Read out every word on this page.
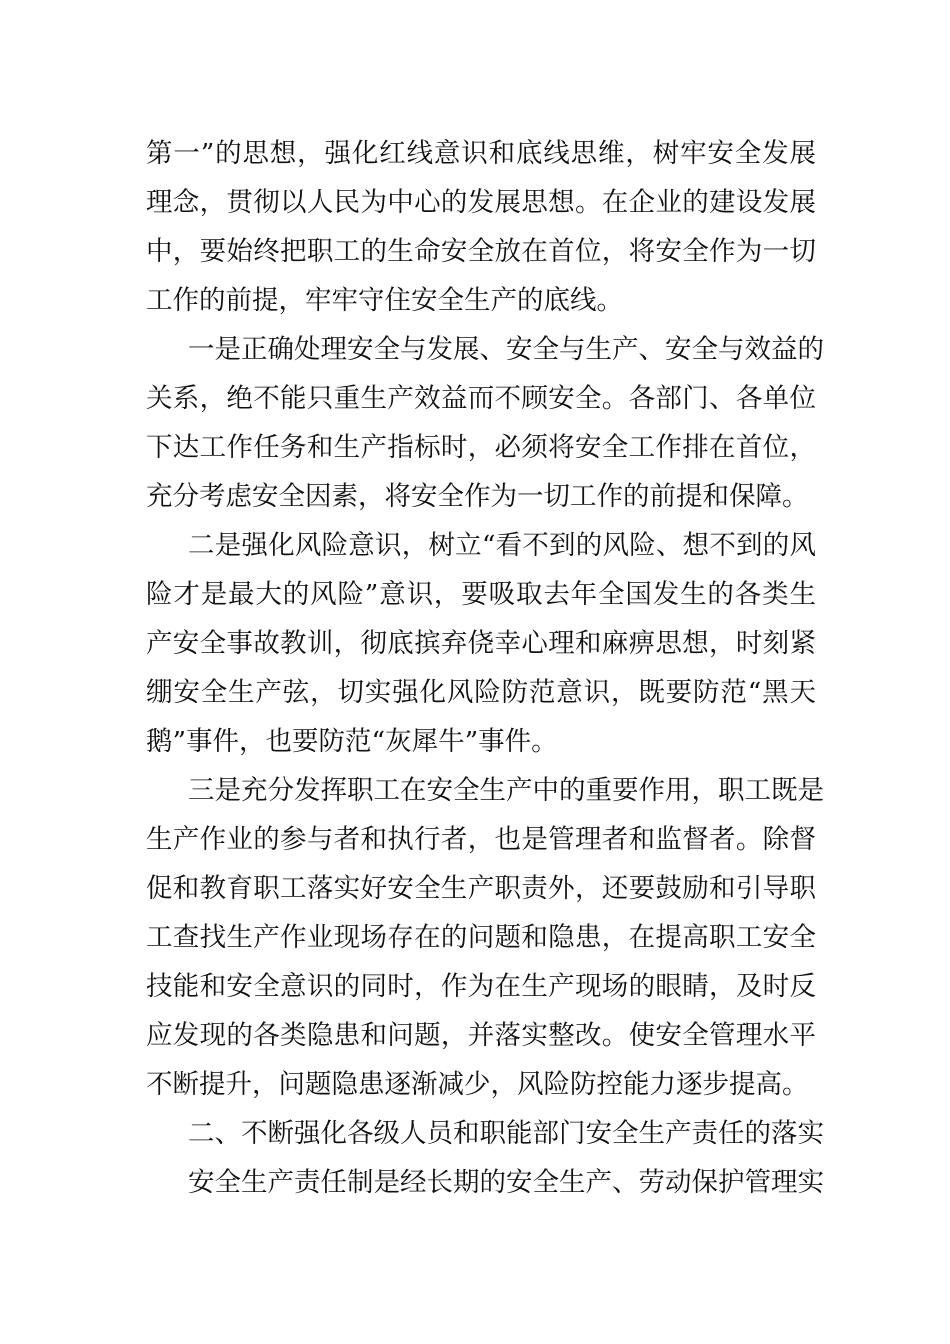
第一”的思想，强化红线意识和底线思维，树牢安全发展
理念，贯彻以人民为中心的发展思想。在企业的建设发展
中，要始终把职工的生命安全放在首位，将安全作为一切
工作的前提，牢牢守住安全生产的底线。
一是正确处理安全与发展、安全与生产、安全与效益的
关系，绝不能只重生产效益而不顾安全。各部门、各单位
下达工作任务和生产指标时，必须将安全工作排在首位，
充分考虑安全因素，将安全作为一切工作的前提和保障。
二是强化风险意识，树立“看不到的风险、想不到的风
险才是最大的风险”意识，要吸取去年全国发生的各类生
产安全事故教训，彻底摈弃侥幸心理和麻痹思想，时刻紧
绷安全生产弦，切实强化风险防范意识，既要防范“黑天
鹅”事件，也要防范“灰犀牛”事件。
三是充分发挥职工在安全生产中的重要作用，职工既是
生产作业的参与者和执行者，也是管理者和监督者。除督
促和教育职工落实好安全生产职责外，还要鼓励和引导职
工查找生产作业现场存在的问题和隐患，在提高职工安全
技能和安全意识的同时，作为在生产现场的眼睛，及时反
应发现的各类隐患和问题，并落实整改。使安全管理水平
不断提升，问题隐患逐渐减少，风险防控能力逐步提高。
二、不断强化各级人员和职能部门安全生产责任的落实
安全生产责任制是经长期的安全生产、劳动保护管理实
